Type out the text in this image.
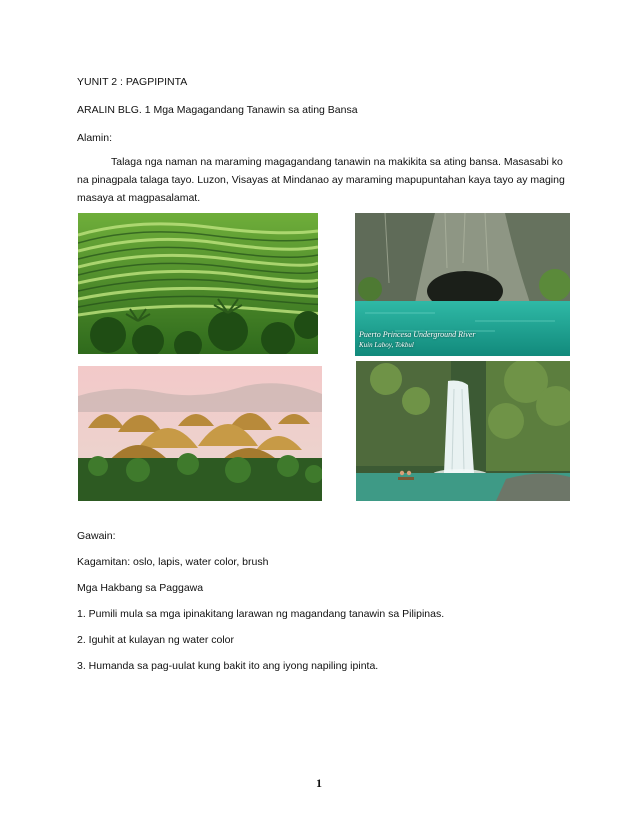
YUNIT 2 : PAGPIPINTA
ARALIN BLG. 1 Mga Magagandang Tanawin sa ating Bansa
Alamin:
Talaga nga naman na maraming magagandang tanawin na makikita sa ating bansa. Masasabi ko na pinagpala talaga tayo. Luzon, Visayas at Mindanao ay maraming mapupuntahan kaya tayo ay maging masaya at magpasalamat.
Puerto Princesa Underground River
Kuin Laboy, Tokbul
Gawain:
Kagamitan: oslo, lapis, water color, brush
Mga Hakbang sa Paggawa
1. Pumili mula sa mga ipinakitang larawan ng magandang tanawin sa Pilipinas.
2. Iguhit at kulayan ng water color
3. Humanda sa pag-uulat kung bakit ito ang iyong napiling ipinta.
1
